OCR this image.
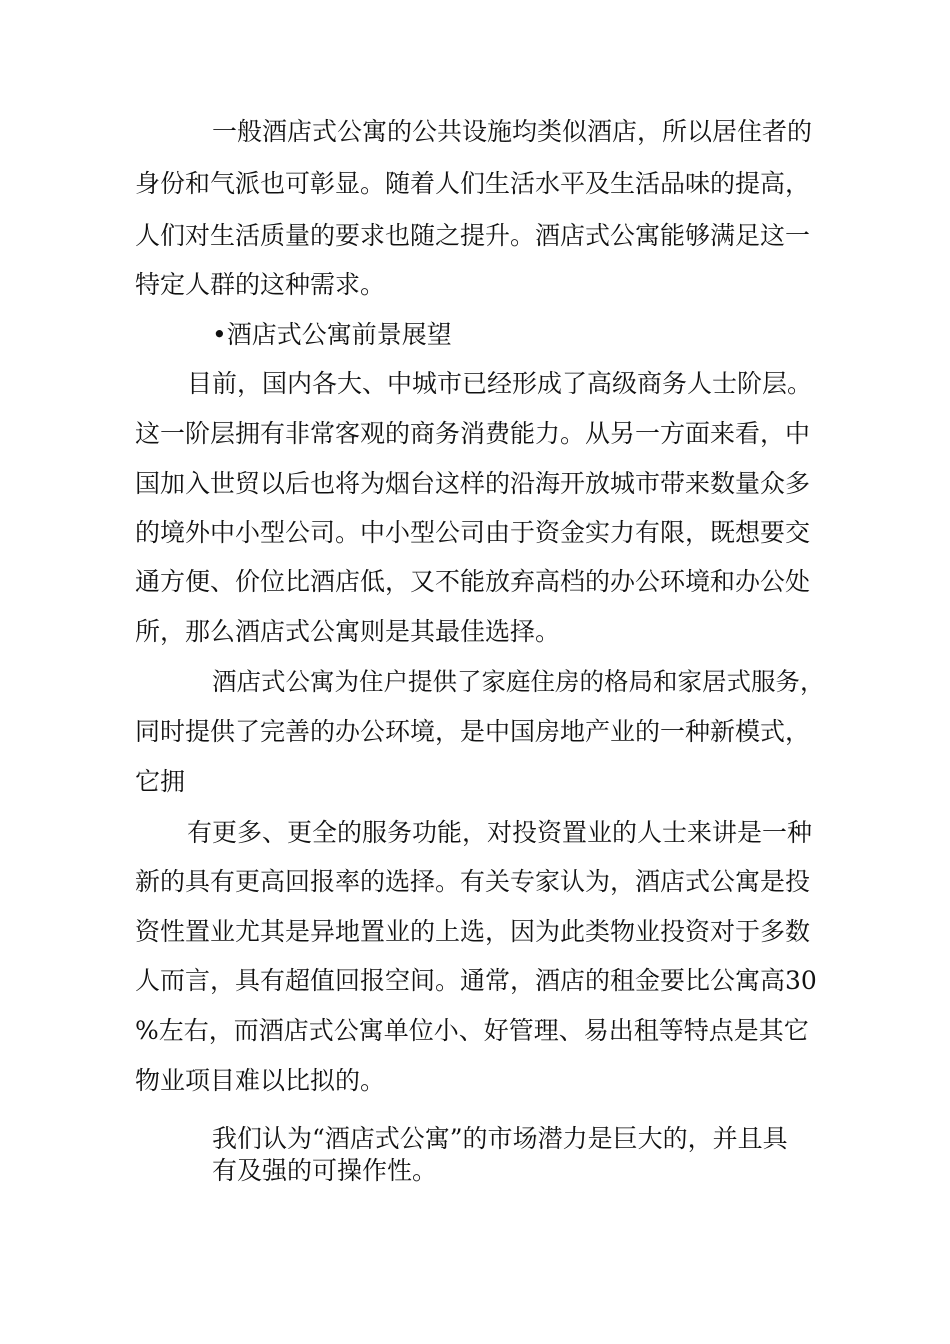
一般酒店式公寓的公共设施均类似酒店，所以居住者的

身份和气派也可彰显。随着人们生活水平及生活品味的提高，

人们对生活质量的要求也随之提升。酒店式公寓能够满足这一

特定人群的这种需求。

•酒店式公寓前景展望

目前，国内各大、中城市已经形成了高级商务人士阶层。

这一阶层拥有非常客观的商务消费能力。从另一方面来看，中

国加入世贸以后也将为烟台这样的沿海开放城市带来数量众多

的境外中小型公司。中小型公司由于资金实力有限，既想要交

通方便、价位比酒店低，又不能放弃高档的办公环境和办公处

所，那么酒店式公寓则是其最佳选择。

酒店式公寓为住户提供了家庭住房的格局和家居式服务，

同时提供了完善的办公环境，是中国房地产业的一种新模式，

它拥

有更多、更全的服务功能，对投资置业的人士来讲是一种

新的具有更高回报率的选择。有关专家认为，酒店式公寓是投

资性置业尤其是异地置业的上选，因为此类物业投资对于多数

人而言，具有超值回报空间。通常，酒店的租金要比公寓高30

%左右，而酒店式公寓单位小、好管理、易出租等特点是其它

物业项目难以比拟的。

我们认为“酒店式公寓”的市场潜力是巨大的，并且具

有及强的可操作性。
